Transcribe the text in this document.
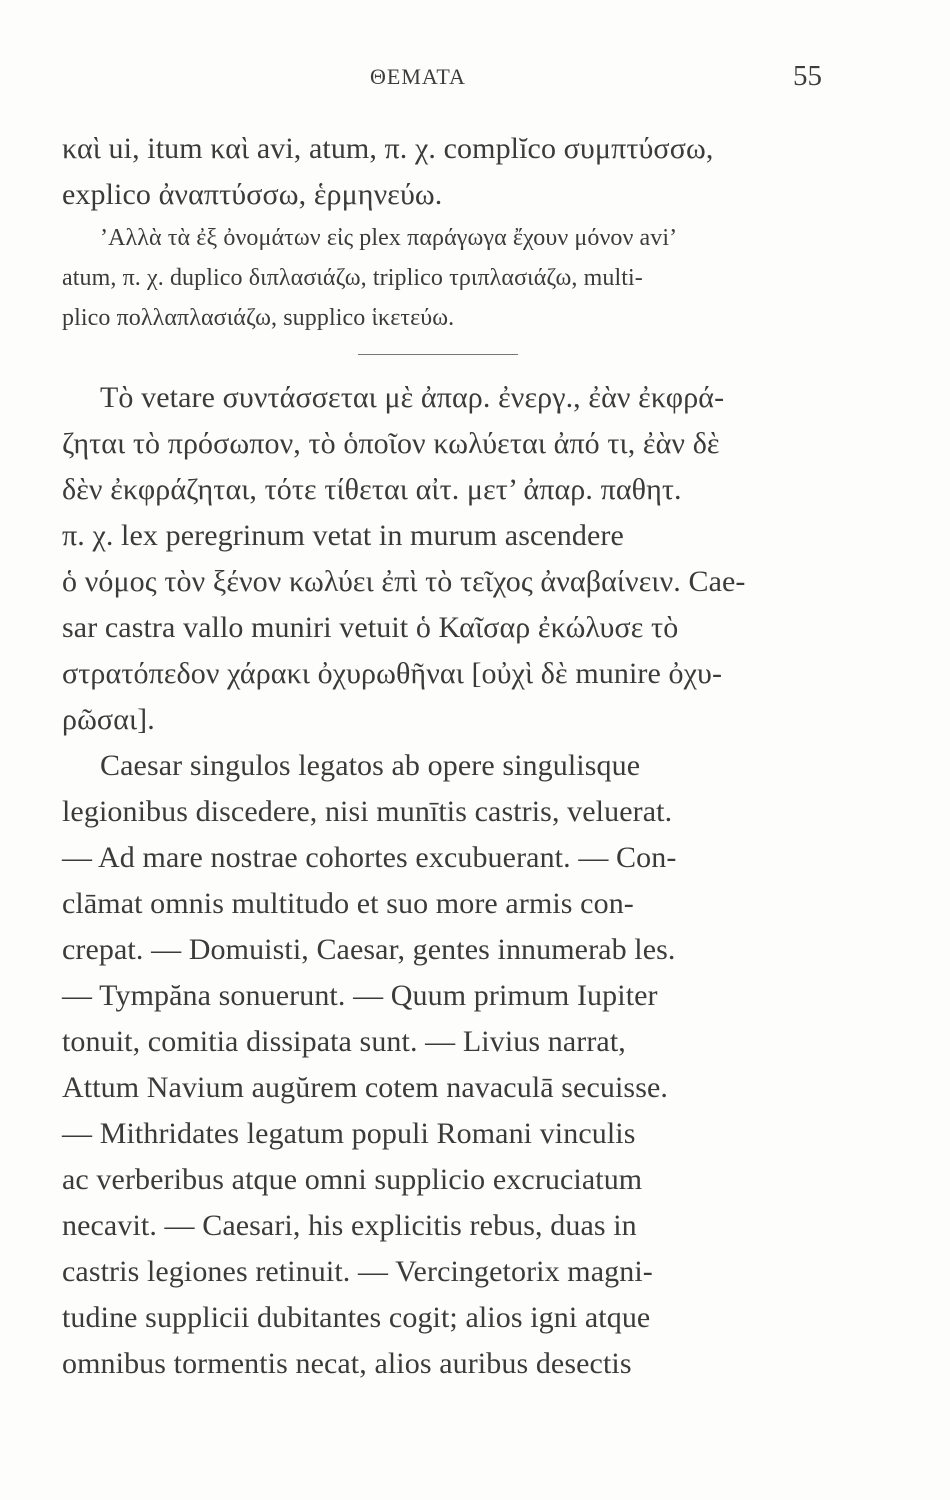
ΘΕΜΑΤΑ	55
καὶ ui, itum καὶ avi, atum, π. χ. complĭco συμπτύσσω,
explico ἀναπτύσσω, ἑρμηνεύω.
’Αλλὰ τὰ ἐξ ὀνομάτων εἰς plex παράγωγα ἔχουν μόνον avi’
atum, π. χ. duplico διπλασιάζω, triplico τριπλασιάζω, multi-
plico πολλαπλασιάζω, supplico ἱκετεύω.
Τὸ vetare συντάσσεται μὲ ἀπαρ. ἐνεργ., ἐὰν ἐκφρά-
ζηται τὸ πρόσωπον, τὸ ὁποῖον κωλύεται ἀπό τι, ἐὰν δὲ
δὲν ἐκφράζηται, τότε τίθεται αἰτ. μετ’ ἀπαρ. παθητ.
π. χ. lex peregrinum vetat in murum ascendere
ὁ νόμος τὸν ξένον κωλύει ἐπὶ τὸ τεῖχος ἀναβαίνειν. Cae-
sar castra vallo muniri vetuit ὁ Καῖσαρ ἐκώλυσε τὸ
στρατόπεδον χάρακι ὀχυρωθῆναι [οὐχὶ δὲ munire ὀχυ-
ρῶσαι].
Caesar singulos legatos ab opere singulisque
legionibus discedere, nisi munītis castris, veluerat.
— Ad mare nostrae cohortes excubuerant. — Con-
clāmat omnis multitudo et suo more armis con-
crepat. — Domuisti, Caesar, gentes innumerab les.
— Tympăna sonuerunt. — Quum primum Iupiter
tonuit, comitia dissipata sunt. — Livius narrat,
Attum Navium augŭrem cotem navaculā secuisse.
— Mithridates legatum populi Romani vinculis
ac verberibus atque omni supplicio excruciatum
necavit. — Caesari, his explicitis rebus, duas in
castris legiones retinuit. — Vercingetorix magni-
tudine supplicii dubitantes cogit; alios igni atque
omnibus tormentis necat, alios auribus desectis
